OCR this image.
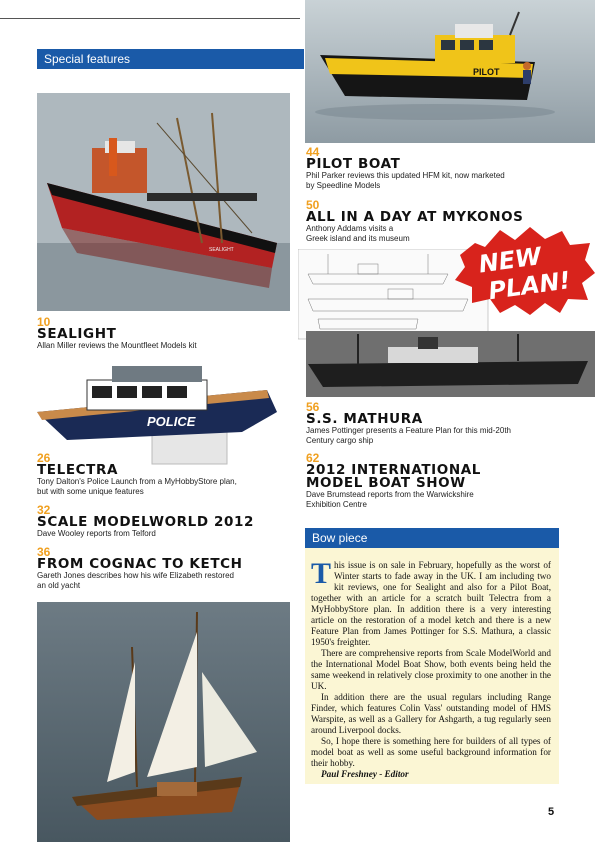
Special features
PILOT
SEALIGHT
POLICE
NEW
PLAN!
44
PILOT BOAT
Phil Parker reviews this updated HFM kit, now marketed
by Speedline Models
50
ALL IN A DAY AT MYKONOS
Anthony Addams visits a
Greek island and its museum
10
SEALIGHT
Allan Miller reviews the Mountfleet Models kit
56
S.S. MATHURA
James Pottinger presents a Feature Plan for this mid-20th
Century cargo ship
26
TELECTRA
Tony Dalton's Police Launch from a MyHobbyStore plan,
but with some unique features
62
2012 INTERNATIONAL
MODEL BOAT SHOW
Dave Brumstead reports from the Warwickshire
Exhibition Centre
32
SCALE MODELWORLD 2012
Dave Wooley reports from Telford
36
FROM COGNAC TO KETCH
Gareth Jones describes how his wife Elizabeth restored
an old yacht
Bow piece

This issue is on sale in February, hopefully as the worst of Winter starts to fade away in the UK. I am including two kit reviews, one for Sealight and also for a Pilot Boat, together with an article for a scratch built Telectra from a MyHobbyStore plan. In addition there is a very interesting article on the restoration of a model ketch and there is a new Feature Plan from James Pottinger for S.S. Mathura, a classic 1950's freighter.

There are comprehensive reports from Scale ModelWorld and the International Model Boat Show, both events being held the same weekend in relatively close proximity to one another in the UK.

In addition there are the usual regulars including Range Finder, which features Colin Vass' outstanding model of HMS Warspite, as well as a Gallery for Ashgarth, a tug regularly seen around Liverpool docks.

So, I hope there is something here for builders of all types of model boat as well as some useful background information for their hobby.

Paul Freshney - Editor
5
